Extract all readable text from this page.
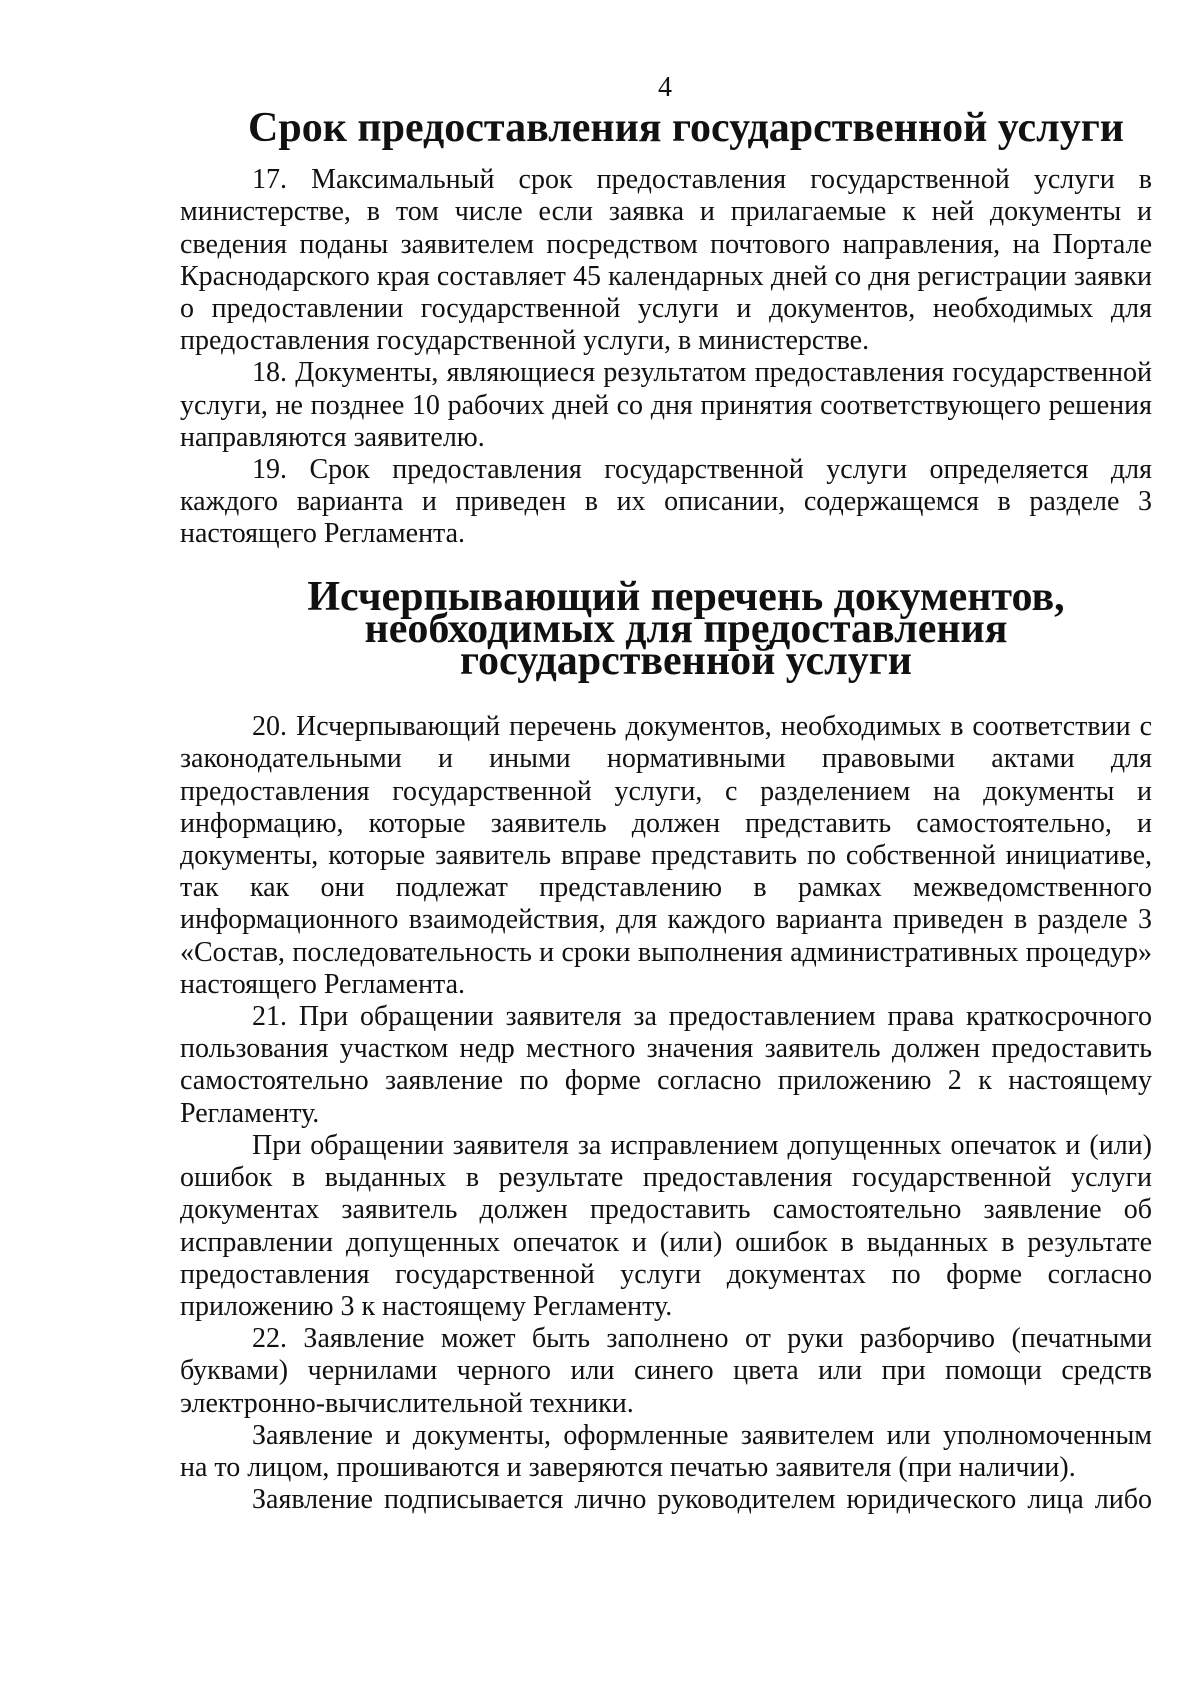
4
Срок предоставления государственной услуги

17. Максимальный срок предоставления государственной услуги в министерстве, в том числе если заявка и прилагаемые к ней документы и сведения поданы заявителем посредством почтового направления, на Портале Краснодарского края составляет 45 календарных дней со дня регистрации заявки о предоставлении государственной услуги и документов, необходимых для предоставления государственной услуги, в министерстве.

18. Документы, являющиеся результатом предоставления государственной услуги, не позднее 10 рабочих дней со дня принятия соответствующего решения направляются заявителю.

19. Срок предоставления государственной услуги определяется для каждого варианта и приведен в их описании, содержащемся в разделе 3 настоящего Регламента.

Исчерпывающий перечень документов,
необходимых для предоставления
государственной услуги

20. Исчерпывающий перечень документов, необходимых в соответствии с законодательными и иными нормативными правовыми актами для предоставления государственной услуги, с разделением на документы и информацию, которые заявитель должен представить самостоятельно, и документы, которые заявитель вправе представить по собственной инициативе, так как они подлежат представлению в рамках межведомственного информационного взаимодействия, для каждого варианта приведен в разделе 3 «Состав, последовательность и сроки выполнения административных процедур» настоящего Регламента.

21. При обращении заявителя за предоставлением права краткосрочного пользования участком недр местного значения заявитель должен предоставить самостоятельно заявление по форме согласно приложению 2 к настоящему Регламенту.

При обращении заявителя за исправлением допущенных опечаток и (или) ошибок в выданных в результате предоставления государственной услуги документах заявитель должен предоставить самостоятельно заявление об исправлении допущенных опечаток и (или) ошибок в выданных в результате предоставления государственной услуги документах по форме согласно приложению 3 к настоящему Регламенту.

22. Заявление может быть заполнено от руки разборчиво (печатными буквами) чернилами черного или синего цвета или при помощи средств электронно-вычислительной техники.

Заявление и документы, оформленные заявителем или уполномоченным на то лицом, прошиваются и заверяются печатью заявителя (при наличии).

Заявление подписывается лично руководителем юридического лица либо
